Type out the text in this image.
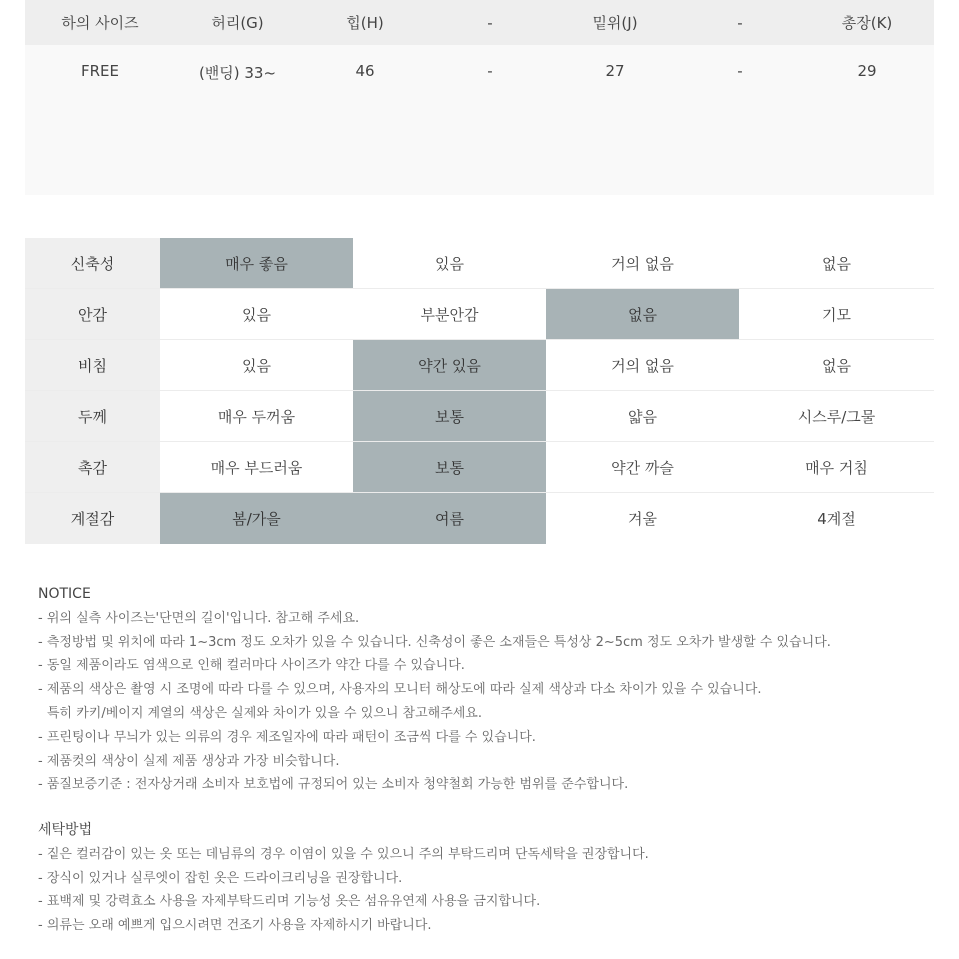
하의 사이즈	허리(G)	힙(H)	-	밑위(J)	-	총장(K)
FREE	(밴딩) 33~	46	-	27	-	29
신축성	매우 좋음	있음	거의 없음	없음
안감	있음	부분안감	없음	기모
비침	있음	약간 있음	거의 없음	없음
두께	매우 두꺼움	보통	얇음	시스루/그물
촉감	매우 부드러움	보통	약간 까슬	매우 거침
계절감	봄/가을	여름	겨울	4계절
NOTICE
- 위의 실측 사이즈는'단면의 길이'입니다. 참고해 주세요.
- 측정방법 및 위치에 따라 1~3cm 정도 오차가 있을 수 있습니다. 신축성이 좋은 소재들은 특성상 2~5cm 정도 오차가 발생할 수 있습니다.
- 동일 제품이라도 염색으로 인해 컬러마다 사이즈가 약간 다를 수 있습니다.
- 제품의 색상은 촬영 시 조명에 따라 다를 수 있으며, 사용자의 모니터 해상도에 따라 실제 색상과 다소 차이가 있을 수 있습니다.
특히 카키/베이지 계열의 색상은 실제와 차이가 있을 수 있으니 참고해주세요.
- 프린팅이나 무늬가 있는 의류의 경우 제조일자에 따라 패턴이 조금씩 다를 수 있습니다.
- 제품컷의 색상이 실제 제품 생상과 가장 비슷합니다.
- 품질보증기준 : 전자상거래 소비자 보호법에 규정되어 있는 소비자 청약철회 가능한 범위를 준수합니다.
세탁방법
- 짙은 컬러감이 있는 옷 또는 데님류의 경우 이염이 있을 수 있으니 주의 부탁드리며 단독세탁을 권장합니다.
- 장식이 있거나 실루엣이 잡힌 옷은 드라이크리닝을 권장합니다.
- 표백제 및 강력효소 사용을 자제부탁드리며 기능성 옷은 섬유유연제 사용을 금지합니다.
- 의류는 오래 예쁘게 입으시려면 건조기 사용을 자제하시기 바랍니다.
